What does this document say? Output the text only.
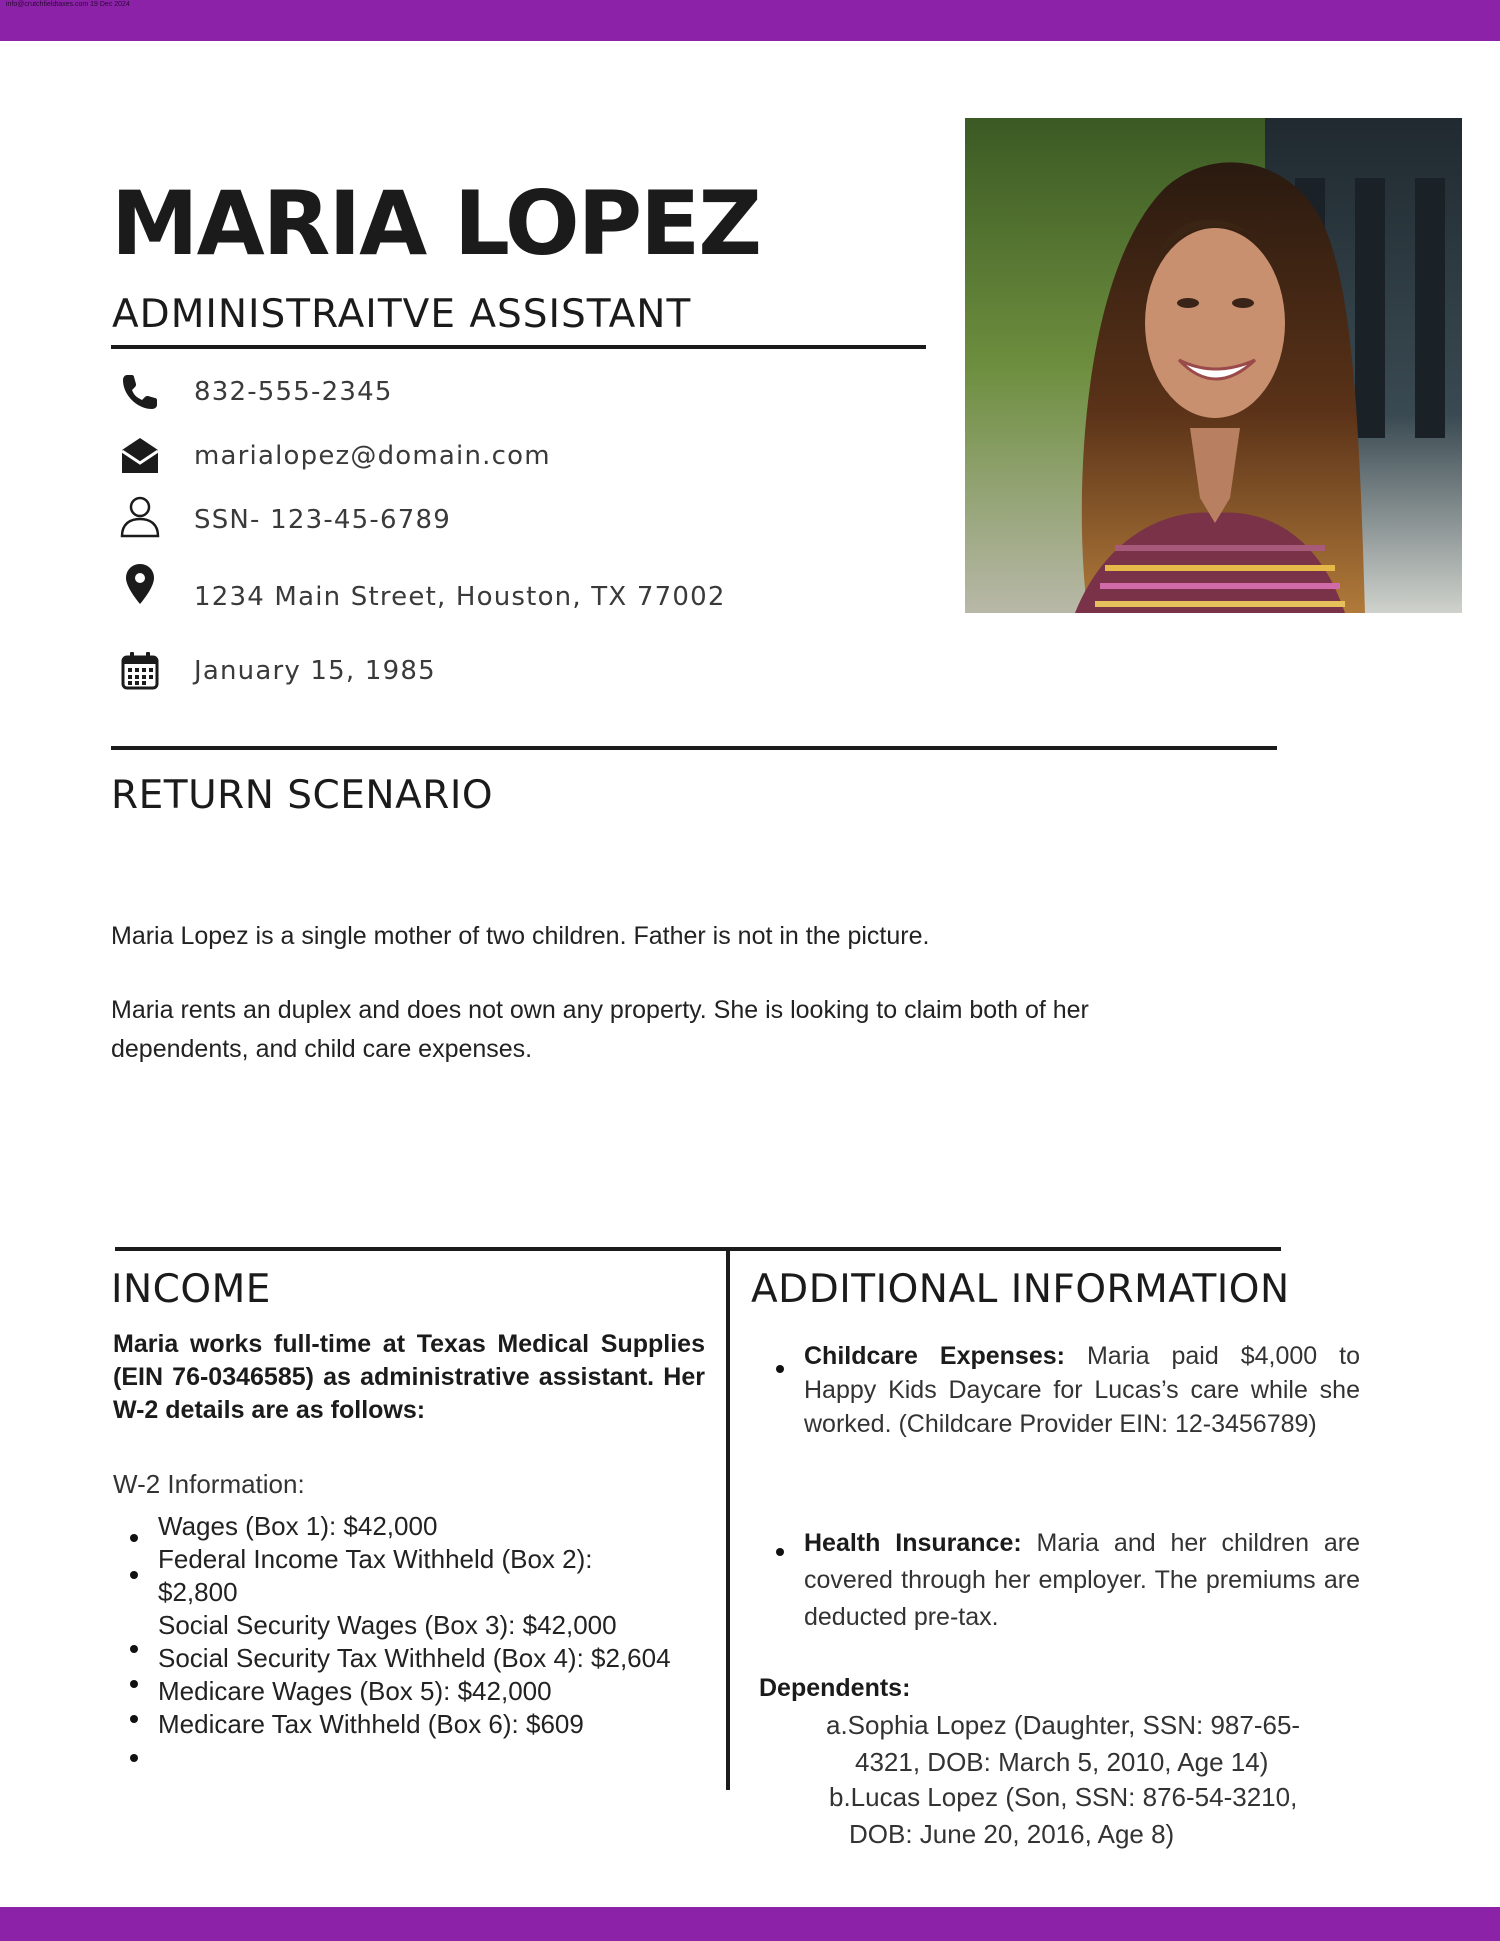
info@crutchfieldtaxes.com 19 Dec 2024
MARIA LOPEZ
ADMINISTRAITVE ASSISTANT
832-555-2345
marialopez@domain.com
SSN- 123-45-6789
1234 Main Street, Houston, TX 77002
January 15, 1985
RETURN SCENARIO
Maria Lopez is a single mother of two children. Father is not in the picture.
Maria rents an duplex and does not own any property. She is looking to claim both of her dependents, and child care expenses.
INCOME
Maria works full-time at Texas Medical Supplies (EIN 76-0346585) as administrative assistant. Her W-2 details are as follows:
W-2 Information:
Wages (Box 1): $42,000
Federal Income Tax Withheld (Box 2):
$2,800
Social Security Wages (Box 3): $42,000
Social Security Tax Withheld (Box 4): $2,604
Medicare Wages (Box 5): $42,000
Medicare Tax Withheld (Box 6): $609
ADDITIONAL INFORMATION
Childcare Expenses: Maria paid $4,000 to Happy Kids Daycare for Lucas’s care while she worked. (Childcare Provider EIN: 12-3456789)
Health Insurance: Maria and her children are covered through her employer. The premiums are deducted pre-tax.
Dependents:
a.Sophia Lopez (Daughter, SSN: 987-65-
4321, DOB: March 5, 2010, Age 14)
b.Lucas Lopez (Son, SSN: 876-54-3210,
DOB: June 20, 2016, Age 8)
